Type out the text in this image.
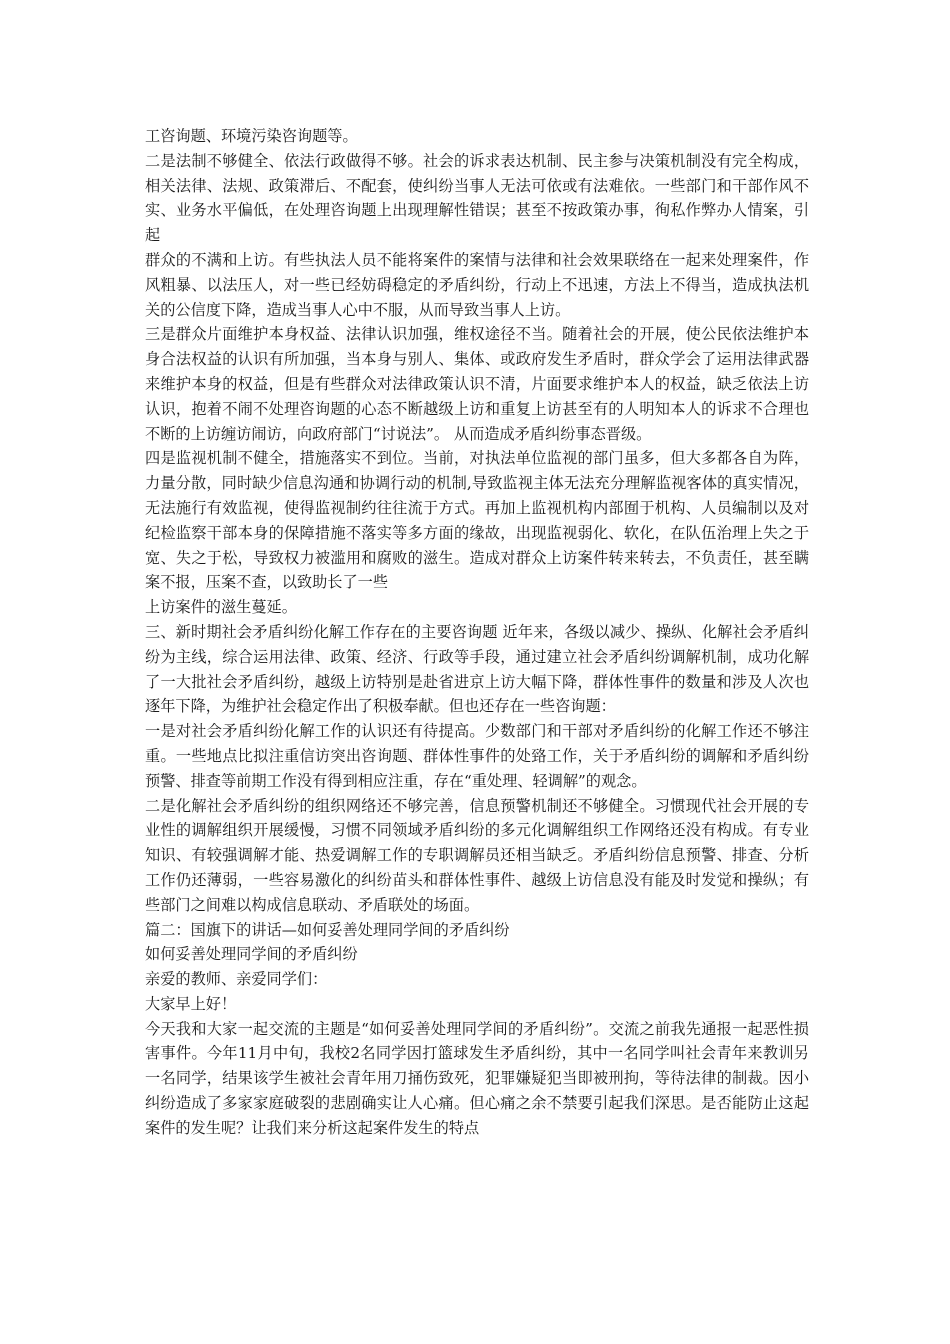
工咨询题、环境污染咨询题等。

二是法制不够健全、依法行政做得不够。社会的诉求表达机制、民主参与决策机制没有完全构成，相关法律、法规、政策滞后、不配套，使纠纷当事人无法可依或有法难依。一些部门和干部作风不实、业务水平偏低，在处理咨询题上出现理解性错误；甚至不按政策办事，徇私作弊办人情案，引起

群众的不满和上访。有些执法人员不能将案件的案情与法律和社会效果联络在一起来处理案件，作风粗暴、以法压人，对一些已经妨碍稳定的矛盾纠纷，行动上不迅速，方法上不得当，造成执法机关的公信度下降，造成当事人心中不服，从而导致当事人上访。

三是群众片面维护本身权益、法律认识加强，维权途径不当。随着社会的开展，使公民依法维护本身合法权益的认识有所加强，当本身与别人、集体、或政府发生矛盾时，群众学会了运用法律武器来维护本身的权益，但是有些群众对法律政策认识不清，片面要求维护本人的权益，缺乏依法上访认识，抱着不闹不处理咨询题的心态不断越级上访和重复上访甚至有的人明知本人的诉求不合理也不断的上访缠访闹访，向政府部门“讨说法”。 从而造成矛盾纠纷事态晋级。

四是监视机制不健全，措施落实不到位。当前，对执法单位监视的部门虽多，但大多都各自为阵，力量分散，同时缺少信息沟通和协调行动的机制,导致监视主体无法充分理解监视客体的真实情况，无法施行有效监视，使得监视制约往往流于方式。再加上监视机构内部囿于机构、人员编制以及对纪检监察干部本身的保障措施不落实等多方面的缘故，出现监视弱化、软化，在队伍治理上失之于宽、失之于松，导致权力被滥用和腐败的滋生。造成对群众上访案件转来转去，不负责任，甚至瞒案不报，压案不查，以致助长了一些

上访案件的滋生蔓延。

三、新时期社会矛盾纠纷化解工作存在的主要咨询题 近年来，各级以减少、操纵、化解社会矛盾纠纷为主线，综合运用法律、政策、经济、行政等手段，通过建立社会矛盾纠纷调解机制，成功化解了一大批社会矛盾纠纷，越级上访特别是赴省进京上访大幅下降，群体性事件的数量和涉及人次也逐年下降，为维护社会稳定作出了积极奉献。但也还存在一些咨询题：

一是对社会矛盾纠纷化解工作的认识还有待提高。少数部门和干部对矛盾纠纷的化解工作还不够注重。一些地点比拟注重信访突出咨询题、群体性事件的处臵工作，关于矛盾纠纷的调解和矛盾纠纷预警、排查等前期工作没有得到相应注重，存在“重处理、轻调解”的观念。

二是化解社会矛盾纠纷的组织网络还不够完善，信息预警机制还不够健全。习惯现代社会开展的专业性的调解组织开展缓慢，习惯不同领域矛盾纠纷的多元化调解组织工作网络还没有构成。有专业知识、有较强调解才能、热爱调解工作的专职调解员还相当缺乏。矛盾纠纷信息预警、排查、分析工作仍还薄弱，一些容易激化的纠纷苗头和群体性事件、越级上访信息没有能及时发觉和操纵；有些部门之间难以构成信息联动、矛盾联处的场面。

篇二：国旗下的讲话—如何妥善处理同学间的矛盾纠纷

如何妥善处理同学间的矛盾纠纷

亲爱的教师、亲爱同学们：

大家早上好！

今天我和大家一起交流的主题是“如何妥善处理同学间的矛盾纠纷”。交流之前我先通报一起恶性损害事件。今年11月中旬，我校2名同学因打篮球发生矛盾纠纷，其中一名同学叫社会青年来教训另一名同学，结果该学生被社会青年用刀捅伤致死，犯罪嫌疑犯当即被刑拘，等待法律的制裁。因小纠纷造成了多家家庭破裂的悲剧确实让人心痛。但心痛之余不禁要引起我们深思。是否能防止这起案件的发生呢？让我们来分析这起案件发生的特点
